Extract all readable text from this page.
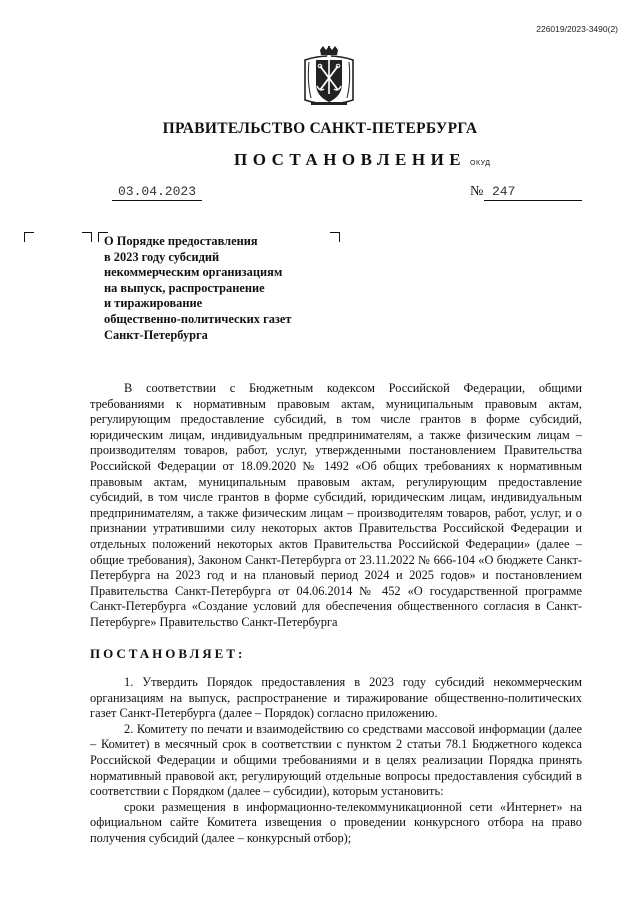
226019/2023-3490(2)
ПРАВИТЕЛЬСТВО САНКТ-ПЕТЕРБУРГА
ПОСТАНОВЛЕНИЕ ОКУД
03.04.2023	№ 247
О Порядке предоставления
в 2023 году субсидий
некоммерческим организациям
на выпуск, распространение
и тиражирование
общественно-политических газет
Санкт-Петербурга
В соответствии с Бюджетным кодексом Российской Федерации, общими требованиями к нормативным правовым актам, муниципальным правовым актам, регулирующим предоставление субсидий, в том числе грантов в форме субсидий, юридическим лицам, индивидуальным предпринимателям, а также физическим лицам – производителям товаров, работ, услуг, утвержденными постановлением Правительства Российской Федерации от 18.09.2020 № 1492 «Об общих требованиях к нормативным правовым актам, муниципальным правовым актам, регулирующим предоставление субсидий, в том числе грантов в форме субсидий, юридическим лицам, индивидуальным предпринимателям, а также физическим лицам – производителям товаров, работ, услуг, и о признании утратившими силу некоторых актов Правительства Российской Федерации и отдельных положений некоторых актов Правительства Российской Федерации» (далее – общие требования), Законом Санкт-Петербурга от 23.11.2022 № 666-104 «О бюджете Санкт-Петербурга на 2023 год и на плановый период 2024 и 2025 годов» и постановлением Правительства Санкт-Петербурга от 04.06.2014 № 452 «О государственной программе Санкт-Петербурга «Создание условий для обеспечения общественного согласия в Санкт-Петербурге» Правительство Санкт-Петербурга
ПОСТАНОВЛЯЕТ:

1. Утвердить Порядок предоставления в 2023 году субсидий некоммерческим организациям на выпуск, распространение и тиражирование общественно-политических газет Санкт-Петербурга (далее – Порядок) согласно приложению.

2. Комитету по печати и взаимодействию со средствами массовой информации (далее – Комитет) в месячный срок в соответствии с пунктом 2 статьи 78.1 Бюджетного кодекса Российской Федерации и общими требованиями и в целях реализации Порядка принять нормативный правовой акт, регулирующий отдельные вопросы предоставления субсидий в соответствии с Порядком (далее – субсидии), которым установить:

сроки размещения в информационно-телекоммуникационной сети «Интернет» на официальном сайте Комитета извещения о проведении конкурсного отбора на право получения субсидий (далее – конкурсный отбор);
